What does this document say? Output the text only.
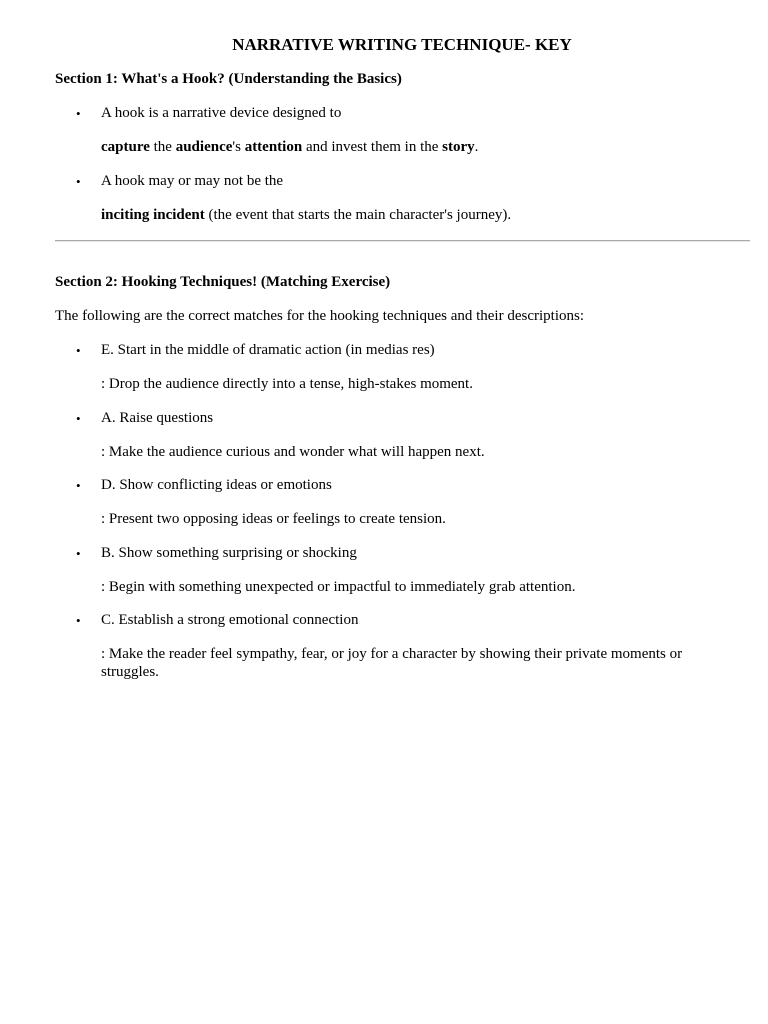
NARRATIVE WRITING TECHNIQUE- KEY
Section 1: What's a Hook? (Understanding the Basics)
•	A hook is a narrative device designed to
capture the audience's attention and invest them in the story.
•	A hook may or may not be the
inciting incident (the event that starts the main character's journey).
Section 2: Hooking Techniques! (Matching Exercise)
The following are the correct matches for the hooking techniques and their descriptions:
•	E. Start in the middle of dramatic action (in medias res)
: Drop the audience directly into a tense, high-stakes moment.
•	A. Raise questions
: Make the audience curious and wonder what will happen next.
•	D. Show conflicting ideas or emotions
: Present two opposing ideas or feelings to create tension.
•	B. Show something surprising or shocking
: Begin with something unexpected or impactful to immediately grab attention.
•	C. Establish a strong emotional connection
: Make the reader feel sympathy, fear, or joy for a character by showing their private moments or struggles.
